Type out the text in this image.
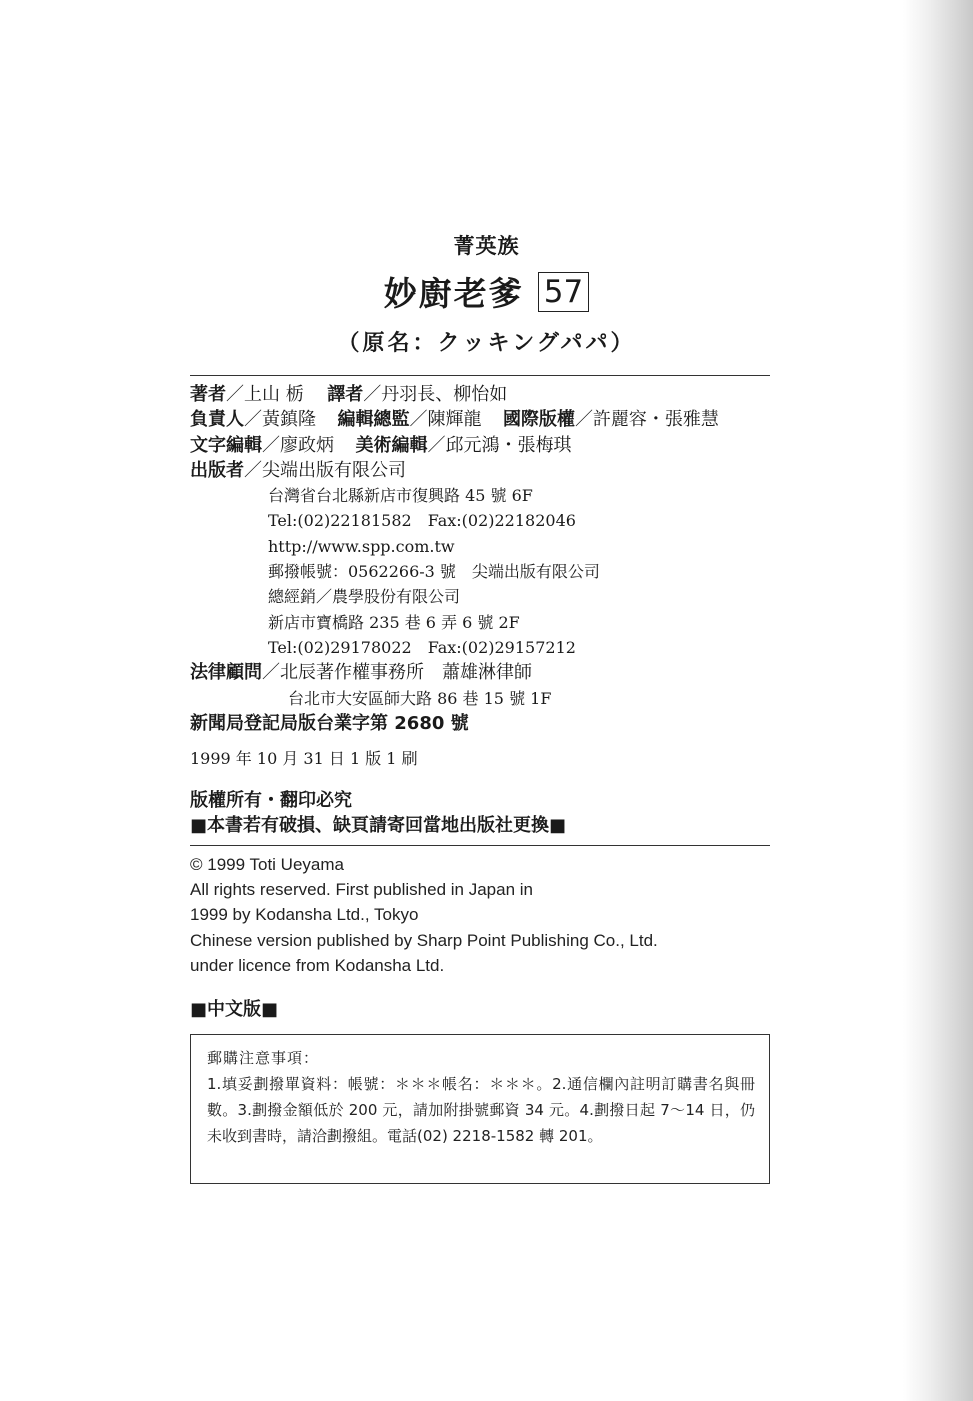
菁英族
妙廚老爹 57
（原名：クッキングパパ）
著者／上山 栃 譯者／丹羽長、柳怡如
負責人／黃鎮隆 編輯總監／陳輝龍 國際版權／許麗容・張雅慧
文字編輯／廖政炳 美術編輯／邱元鴻・張梅琪
出版者／尖端出版有限公司
台灣省台北縣新店市復興路 45 號 6F
Tel:(02)22181582　Fax:(02)22182046
http://www.spp.com.tw
郵撥帳號：0562266-3 號　尖端出版有限公司
總經銷／農學股份有限公司
新店市寶橋路 235 巷 6 弄 6 號 2F
Tel:(02)29178022　Fax:(02)29157212
法律顧問／北辰著作權事務所　蕭雄淋律師
台北市大安區師大路 86 巷 15 號 1F
新聞局登記局版台業字第 2680 號
1999 年 10 月 31 日 1 版 1 刷
版權所有・翻印必究
■本書若有破損、缺頁請寄回當地出版社更換■
© 1999 Toti Ueyama
All rights reserved. First published in Japan in
1999 by Kodansha Ltd., Tokyo
Chinese version published by Sharp Point Publishing Co., Ltd.
under licence from Kodansha Ltd.
■中文版■
郵購注意事項：
1.填妥劃撥單資料：帳號：＊＊＊帳名：＊＊＊。2.通信欄內註明訂購書名與冊數。3.劃撥金額低於 200 元，請加附掛號郵資 34 元。4.劃撥日起 7～14 日，仍未收到書時，請洽劃撥組。電話(02) 2218-1582 轉 201。
